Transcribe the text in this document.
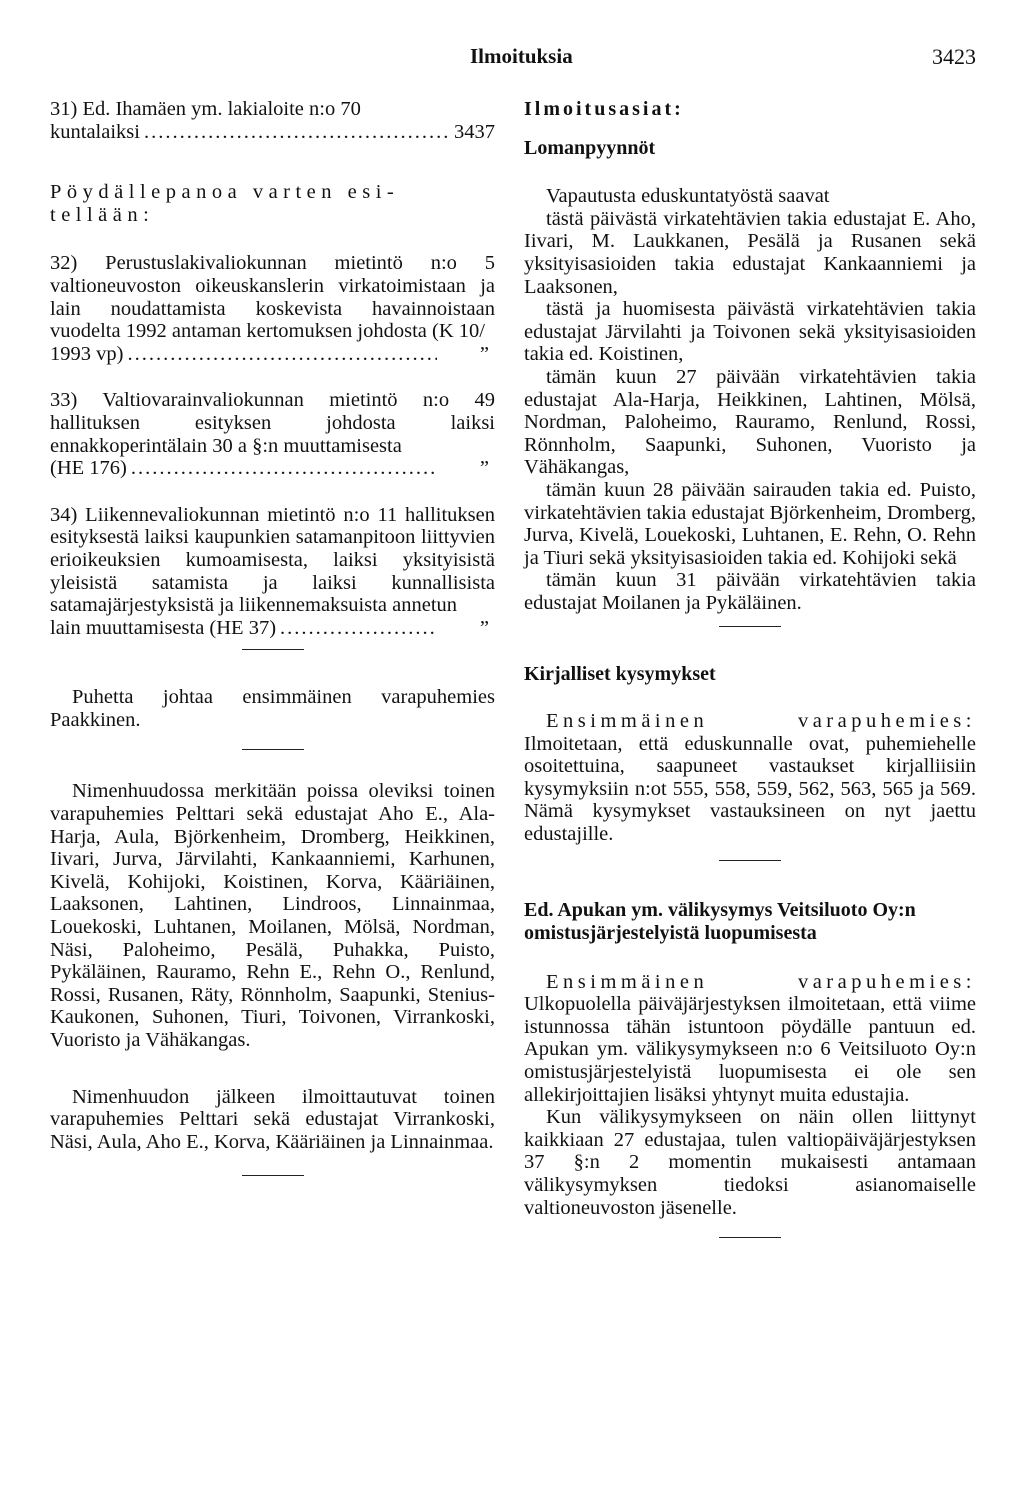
Ilmoituksia	3423
31) Ed. Ihamäen ym. lakialoite n:o 70
kuntalaiksi .....	3437
Pöydällepanoa varten esi-
tellään:
32) Perustuslakivaliokunnan mietintö n:o 5 valtioneuvoston oikeuskanslerin virkatoimistaan ja lain noudattamista koskevista havainnoistaan vuodelta 1992 antaman kertomuksen johdosta (K 10/
1993 vp) .....	”
33) Valtiovarainvaliokunnan mietintö n:o 49 hallituksen esityksen johdosta laiksi ennakkoperintälain 30 a §:n muuttamisesta
(HE 176) .....	”
34) Liikennevaliokunnan mietintö n:o 11 hallituksen esityksestä laiksi kaupunkien satamanpitoon liittyvien erioikeuksien kumoamisesta, laiksi yksityisistä yleisistä satamista ja laiksi kunnallisista satamajärjestyksistä ja liikennemaksuista annetun
lain muuttamisesta (HE 37) .....	”

Puhetta johtaa ensimmäinen varapuhemies Paakkinen.

Nimenhuudossa merkitään poissa oleviksi toinen varapuhemies Pelttari sekä edustajat Aho E., Ala-Harja, Aula, Björkenheim, Dromberg, Heikkinen, Iivari, Jurva, Järvilahti, Kankaanniemi, Karhunen, Kivelä, Kohijoki, Koistinen, Korva, Kääriäinen, Laaksonen, Lahtinen, Lindroos, Linnainmaa, Louekoski, Luhtanen, Moilanen, Mölsä, Nordman, Näsi, Paloheimo, Pesälä, Puhakka, Puisto, Pykäläinen, Rauramo, Rehn E., Rehn O., Renlund, Rossi, Rusanen, Räty, Rönnholm, Saapunki, Stenius-Kaukonen, Suhonen, Tiuri, Toivonen, Virrankoski, Vuoristo ja Vähäkangas.

Nimenhuudon jälkeen ilmoittautuvat toinen varapuhemies Pelttari sekä edustajat Virrankoski, Näsi, Aula, Aho E., Korva, Kääriäinen ja Linnainmaa.

Ilmoitusasiat:
Lomanpyynnöt

Vapautusta eduskuntatyöstä saavat

tästä päivästä virkatehtävien takia edustajat E. Aho, Iivari, M. Laukkanen, Pesälä ja Rusanen sekä yksityisasioiden takia edustajat Kankaanniemi ja Laaksonen,

tästä ja huomisesta päivästä virkatehtävien takia edustajat Järvilahti ja Toivonen sekä yksityisasioiden takia ed. Koistinen,

tämän kuun 27 päivään virkatehtävien takia edustajat Ala-Harja, Heikkinen, Lahtinen, Mölsä, Nordman, Paloheimo, Rauramo, Renlund, Rossi, Rönnholm, Saapunki, Suhonen, Vuoristo ja Vähäkangas,

tämän kuun 28 päivään sairauden takia ed. Puisto, virkatehtävien takia edustajat Björkenheim, Dromberg, Jurva, Kivelä, Louekoski, Luhtanen, E. Rehn, O. Rehn ja Tiuri sekä yksityisasioiden takia ed. Kohijoki sekä

tämän kuun 31 päivään virkatehtävien takia edustajat Moilanen ja Pykäläinen.

Kirjalliset kysymykset

Ensimmäinen varapuhemies: Ilmoitetaan, että eduskunnalle ovat, puhemiehelle osoitettuina, saapuneet vastaukset kirjalliisiin kysymyksiin n:ot 555, 558, 559, 562, 563, 565 ja 569. Nämä kysymykset vastauksineen on nyt jaettu edustajille.

Ed. Apukan ym. välikysymys Veitsiluoto Oy:n omistusjärjestelyistä luopumisesta

Ensimmäinen varapuhemies: Ulkopuolella päiväjärjestyksen ilmoitetaan, että viime istunnossa tähän istuntoon pöydälle pantuun ed. Apukan ym. välikysymykseen n:o 6 Veitsiluoto Oy:n omistusjärjestelyistä luopumisesta ei ole sen allekirjoittajien lisäksi yhtynyt muita edustajia.

Kun välikysymykseen on näin ollen liittynyt kaikkiaan 27 edustajaa, tulen valtiopäiväjärjestyksen 37 §:n 2 momentin mukaisesti antamaan välikysymyksen tiedoksi asianomaiselle valtioneuvoston jäsenelle.
